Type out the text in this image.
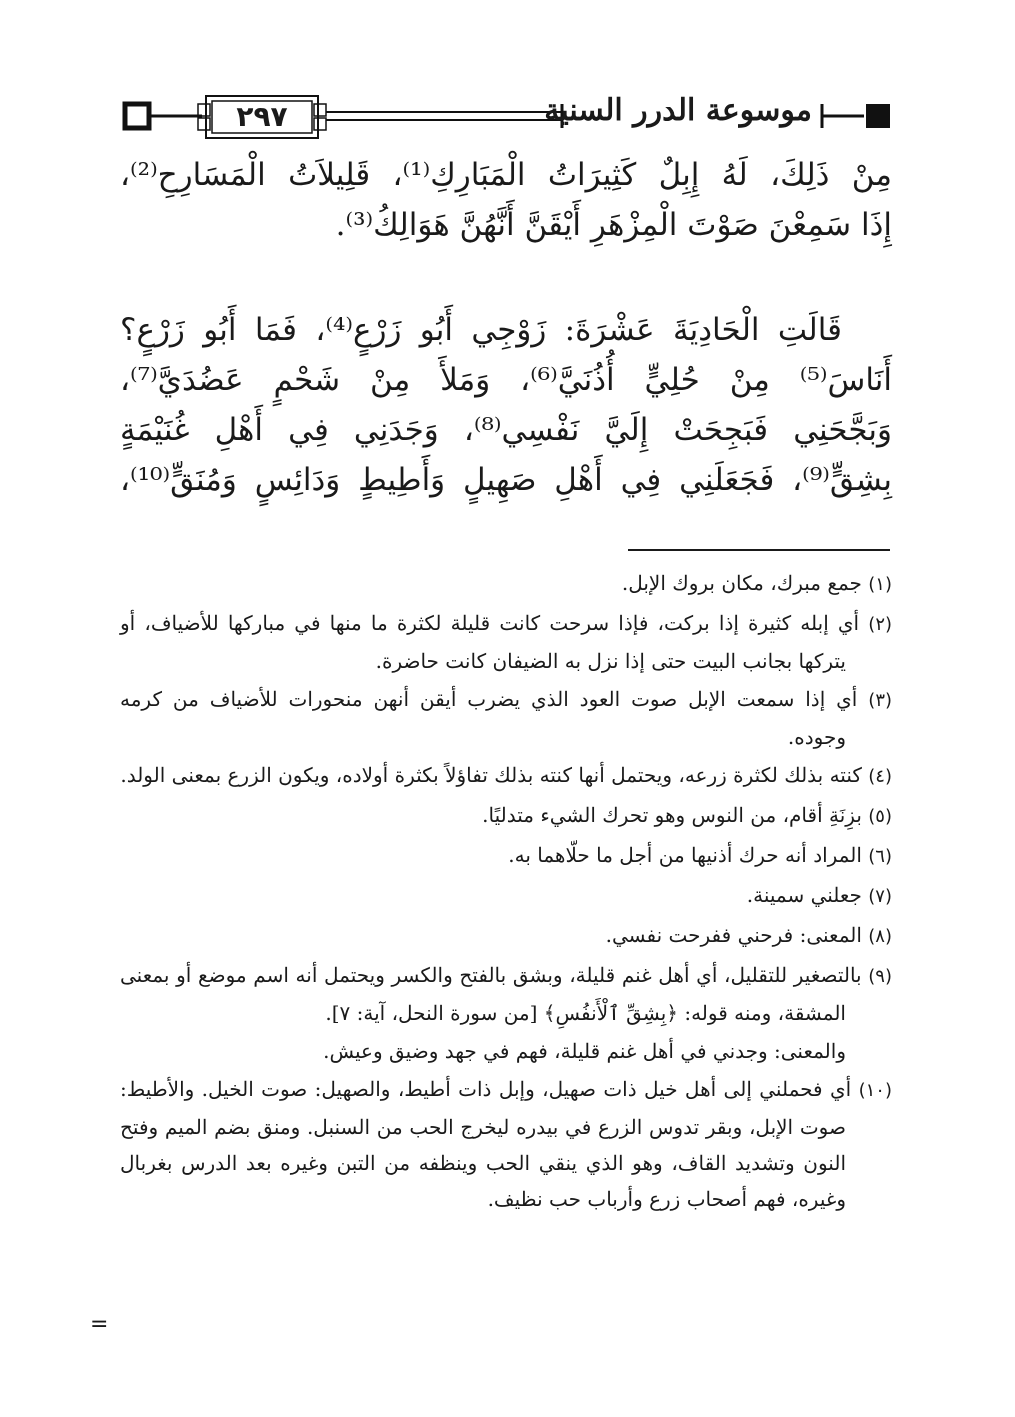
٢٩٧	موسوعة الدرر السنية
مِنْ ذَلِكَ، لَهُ إِبِلٌ كَثِيرَاتُ الْمَبَارِكِ⁽¹⁾، قَلِيلاَتُ الْمَسَارِحِ⁽²⁾،
إِذَا سَمِعْنَ صَوْتَ الْمِزْهَرِ أَيْقَنَّ أَنَّهُنَّ هَوَالِكُ⁽³⁾.
قَالَتِ الْحَادِيَةَ عَشْرَةَ: زَوْجِي أَبُو زَرْعٍ⁽⁴⁾، فَمَا أَبُو زَرْعٍ؟
أَنَاسَ⁽⁵⁾ مِنْ حُلِيٍّ أُذُنَيَّ⁽⁶⁾، وَمَلأَ مِنْ شَحْمٍ عَضُدَيَّ⁽⁷⁾،
وَبَجَّحَنِي فَبَجِحَتْ إِلَيَّ نَفْسِي⁽⁸⁾، وَجَدَنِي فِي أَهْلِ غُنَيْمَةٍ
بِشِقٍّ⁽⁹⁾، فَجَعَلَنِي فِي أَهْلِ صَهِيلٍ وَأَطِيطٍ وَدَائِسٍ وَمُنَقٍّ⁽¹⁰⁾،
(١) جمع مبرك، مكان بروك الإبل.
(٢) أي إبله كثيرة إذا بركت، فإذا سرحت كانت قليلة لكثرة ما منها في مباركها للأضياف، أو يتركها بجانب البيت حتى إذا نزل به الضيفان كانت حاضرة.
(٣) أي إذا سمعت الإبل صوت العود الذي يضرب أيقن أنهن منحورات للأضياف من كرمه وجوده.
(٤) كنته بذلك لكثرة زرعه، ويحتمل أنها كنته بذلك تفاؤلاً بكثرة أولاده، ويكون الزرع بمعنى الولد.
(٥) بزِنَةِ أقام، من النوس وهو تحرك الشيء متدليًا.
(٦) المراد أنه حرك أذنيها من أجل ما حلّاهما به.
(٧) جعلني سمينة.
(٨) المعنى: فرحني ففرحت نفسي.
(٩) بالتصغير للتقليل، أي أهل غنم قليلة، وبشق بالفتح والكسر ويحتمل أنه اسم موضع أو بمعنى المشقة، ومنه قوله: ﴿بِشِقِّ ٱلْأَنفُسِ﴾ [من سورة النحل، آية: ٧].
والمعنى: وجدني في أهل غنم قليلة، فهم في جهد وضيق وعيش.
(١٠) أي فحملني إلى أهل خيل ذات صهيل، وإبل ذات أطيط، والصهيل: صوت الخيل. والأطيط: صوت الإبل، وبقر تدوس الزرع في بيدره ليخرج الحب من السنبل. ومنق بضم الميم وفتح النون وتشديد القاف، وهو الذي ينقي الحب وينظفه من التبن وغيره بعد الدرس بغربال وغيره، فهم أصحاب زرع وأرباب حب نظيف.
=
